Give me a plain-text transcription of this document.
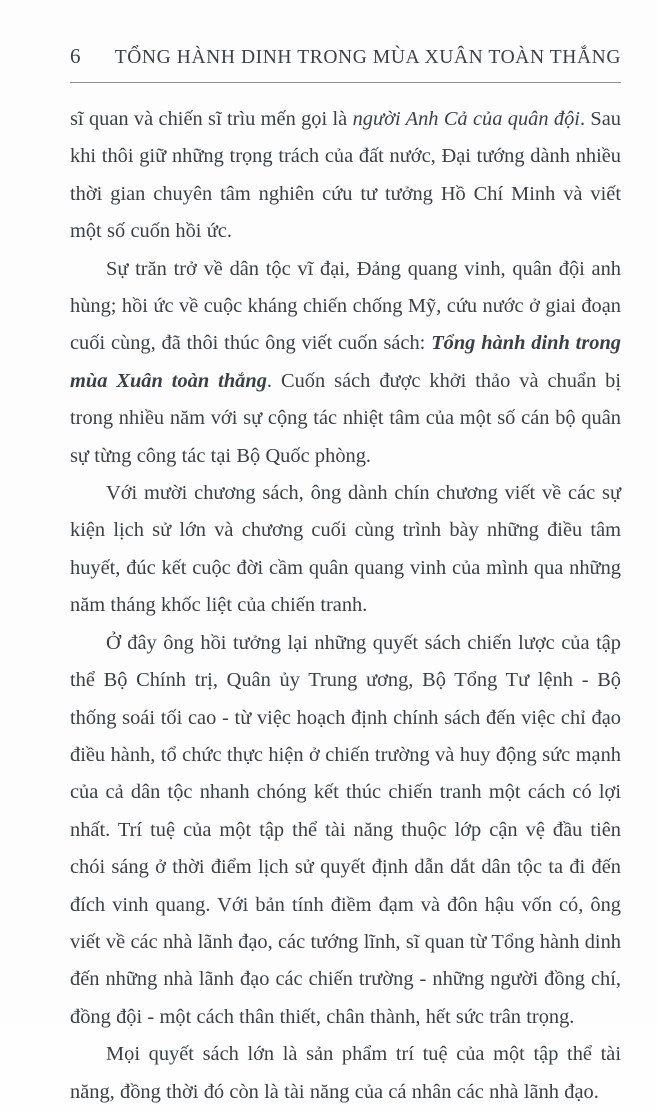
6	TỔNG HÀNH DINH TRONG MÙA XUÂN TOÀN THẮNG

sĩ quan và chiến sĩ trìu mến gọi là người Anh Cả của quân đội. Sau khi thôi giữ những trọng trách của đất nước, Đại tướng dành nhiều thời gian chuyên tâm nghiên cứu tư tưởng Hồ Chí Minh và viết một số cuốn hồi ức.

Sự trăn trở về dân tộc vĩ đại, Đảng quang vinh, quân đội anh hùng; hồi ức về cuộc kháng chiến chống Mỹ, cứu nước ở giai đoạn cuối cùng, đã thôi thúc ông viết cuốn sách: Tổng hành dinh trong mùa Xuân toàn thắng. Cuốn sách được khởi thảo và chuẩn bị trong nhiều năm với sự cộng tác nhiệt tâm của một số cán bộ quân sự từng công tác tại Bộ Quốc phòng.

Với mười chương sách, ông dành chín chương viết về các sự kiện lịch sử lớn và chương cuối cùng trình bày những điều tâm huyết, đúc kết cuộc đời cầm quân quang vinh của mình qua những năm tháng khốc liệt của chiến tranh.

Ở đây ông hồi tưởng lại những quyết sách chiến lược của tập thể Bộ Chính trị, Quân ủy Trung ương, Bộ Tổng Tư lệnh - Bộ thống soái tối cao - từ việc hoạch định chính sách đến việc chỉ đạo điều hành, tổ chức thực hiện ở chiến trường và huy động sức mạnh của cả dân tộc nhanh chóng kết thúc chiến tranh một cách có lợi nhất. Trí tuệ của một tập thể tài năng thuộc lớp cận vệ đầu tiên chói sáng ở thời điểm lịch sử quyết định dẫn dắt dân tộc ta đi đến đích vinh quang. Với bản tính điềm đạm và đôn hậu vốn có, ông viết về các nhà lãnh đạo, các tướng lĩnh, sĩ quan từ Tổng hành dinh đến những nhà lãnh đạo các chiến trường - những người đồng chí, đồng đội - một cách thân thiết, chân thành, hết sức trân trọng.

Mọi quyết sách lớn là sản phẩm trí tuệ của một tập thể tài năng, đồng thời đó còn là tài năng của cá nhân các nhà lãnh đạo.
